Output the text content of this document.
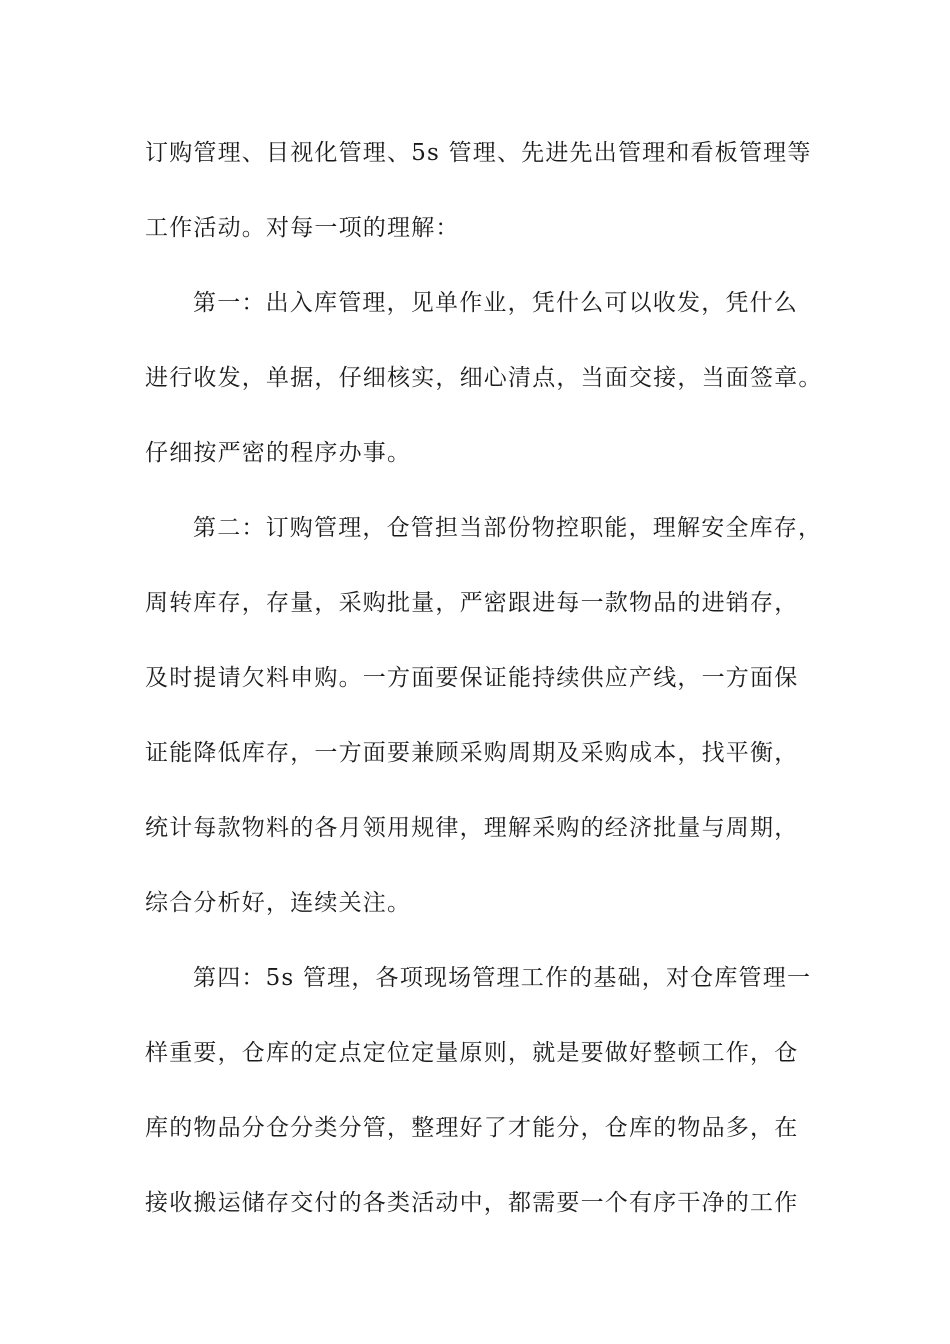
订购管理、目视化管理、5s 管理、先进先出管理和看板管理等
工作活动。对每一项的理解：
第一：出入库管理，见单作业，凭什么可以收发，凭什么
进行收发，单据，仔细核实，细心清点，当面交接，当面签章。
仔细按严密的程序办事。
第二：订购管理，仓管担当部份物控职能，理解安全库存，
周转库存，存量，采购批量，严密跟进每一款物品的进销存，
及时提请欠料申购。一方面要保证能持续供应产线，一方面保
证能降低库存，一方面要兼顾采购周期及采购成本，找平衡，
统计每款物料的各月领用规律，理解采购的经济批量与周期，
综合分析好，连续关注。
第四：5s 管理，各项现场管理工作的基础，对仓库管理一
样重要，仓库的定点定位定量原则，就是要做好整顿工作，仓
库的物品分仓分类分管，整理好了才能分，仓库的物品多，在
接收搬运储存交付的各类活动中，都需要一个有序干净的工作
